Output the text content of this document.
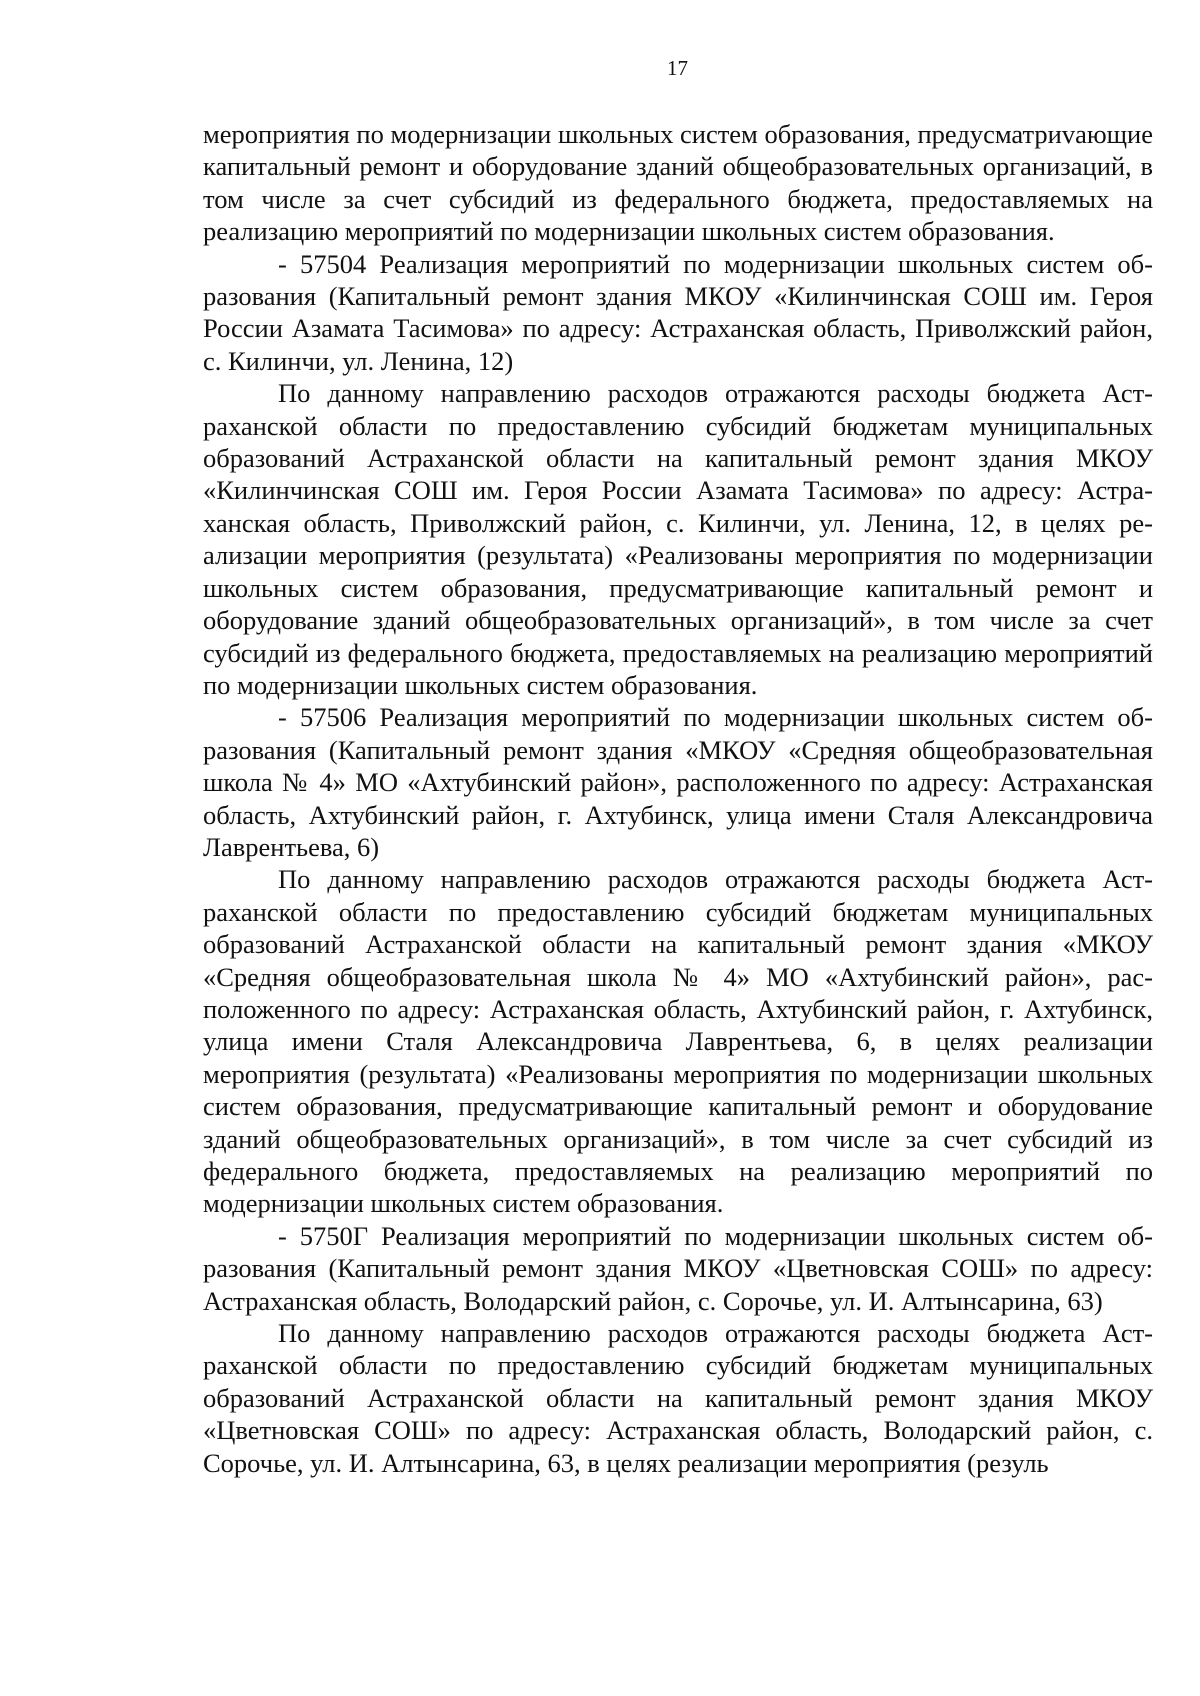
17

мероприятия по модернизации школьных систем образования, предусматриvающие капитальный ремонт и оборудование зданий общеобразовательных организаций, в том числе за счет субсидий из федерального бюджета, предоставляемых на реализацию мероприятий по модернизации школьных систем образования.

- 57504 Реализация мероприятий по модернизации школьных систем образования (Капитальный ремонт здания МКОУ «Килинчинская СОШ им. Героя России Азамата Тасимова» по адресу: Астраханская область, Приволжский район, с. Килинчи, ул. Ленина, 12)

По данному направлению расходов отражаются расходы бюджета Астраханской области по предоставлению субсидий бюджетам муниципальных образований Астраханской области на капитальный ремонт здания МКОУ «Килинчинская СОШ им. Героя России Азамата Тасимова» по адресу: Астраханская область, Приволжский район, с. Килинчи, ул. Ленина, 12, в целях реализации мероприятия (результата) «Реализованы мероприятия по модернизации школьных систем образования, предусматривающие капитальный ремонт и оборудование зданий общеобразовательных организаций», в том числе за счет субсидий из федерального бюджета, предоставляемых на реализацию мероприятий по модернизации школьных систем образования.

- 57506 Реализация мероприятий по модернизации школьных систем образования (Капитальный ремонт здания «МКОУ «Средняя общеобразовательная школа № 4» МО «Ахтубинский район», расположенного по адресу: Астраханская область, Ахтубинский район, г. Ахтубинск, улица имени Сталя Александровича Лаврентьева, 6)

По данному направлению расходов отражаются расходы бюджета Астраханской области по предоставлению субсидий бюджетам муниципальных образований Астраханской области на капитальный ремонт здания «МКОУ «Средняя общеобразовательная школа № 4» МО «Ахтубинский район», расположенного по адресу: Астраханская область, Ахтубинский район, г. Ахтубинск, улица имени Сталя Александровича Лаврентьева, 6, в целях реализации мероприятия (результата) «Реализованы мероприятия по модернизации школьных систем образования, предусматривающие капитальный ремонт и оборудование зданий общеобразовательных организаций», в том числе за счет субсидий из федерального бюджета, предоставляемых на реализацию мероприятий по модернизации школьных систем образования.

- 5750Г Реализация мероприятий по модернизации школьных систем образования (Капитальный ремонт здания МКОУ «Цветновская СОШ» по адресу: Астраханская область, Володарский район, с. Сорочье, ул. И. Алтынсарина, 63)

По данному направлению расходов отражаются расходы бюджета Астраханской области по предоставлению субсидий бюджетам муниципальных образований Астраханской области на капитальный ремонт здания МКОУ «Цветновская СОШ» по адресу: Астраханская область, Володарский район, с. Сорочье, ул. И. Алтынсарина, 63, в целях реализации мероприятия (резуль
